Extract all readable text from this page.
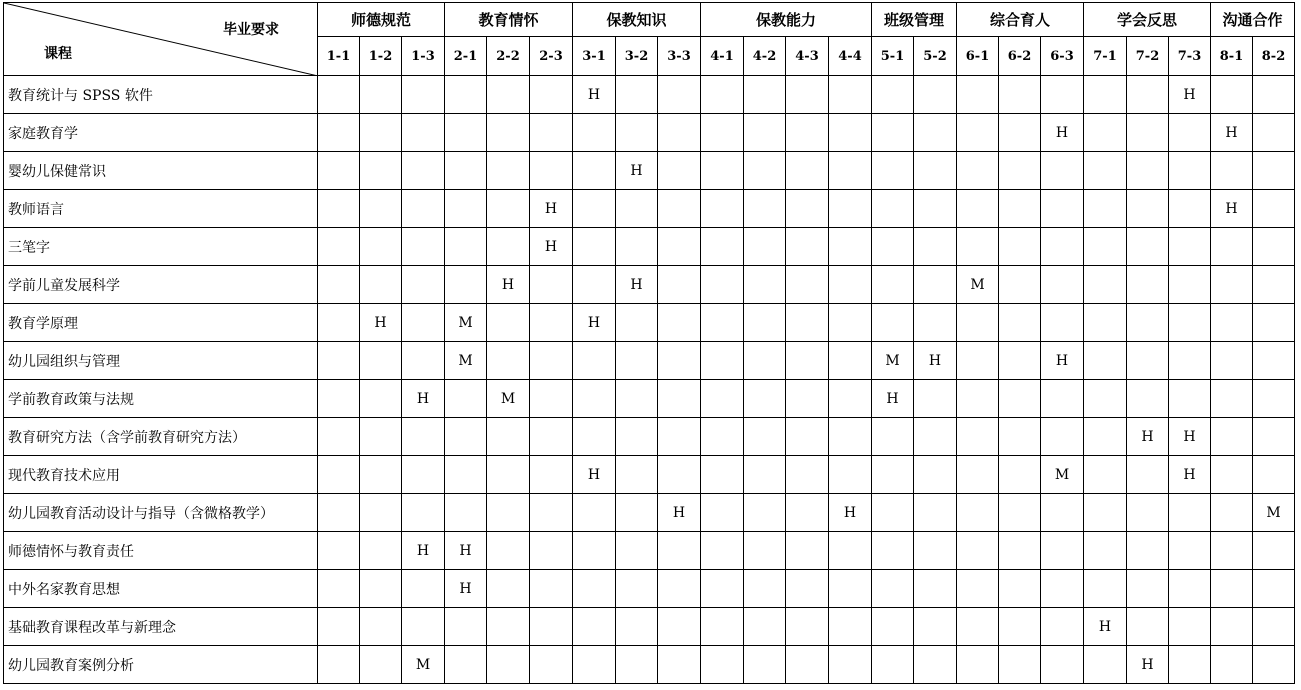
毕业要求
课程	师德规范			教育情怀			保教知识			保教能力				班级管理		综合育人			学会反思			沟通合作	
	1-1	1-2	1-3	2-1	2-2	2-3	3-1	3-2	3-3	4-1	4-2	4-3	4-4	5-1	5-2	6-1	6-2	6-3	7-1	7-2	7-3	8-1	8-2
教育统计与 SPSS 软件							H														H		
家庭教育学																		H				H	
婴幼儿保健常识								H															
教师语言						H																H	
三笔字						H																	
学前儿童发展科学					H			H								M							
教育学原理		H		M			H																
幼儿园组织与管理				M										M	H			H					
学前教育政策与法规			H		M									H									
教育研究方法（含学前教育研究方法）																				H	H		
现代教育技术应用							H											M			H		
幼儿园教育活动设计与指导（含微格教学）									H				H										M
师德情怀与教育责任			H	H																			
中外名家教育思想				H																			
基础教育课程改革与新理念																			H				
幼儿园教育案例分析			M																	H			
